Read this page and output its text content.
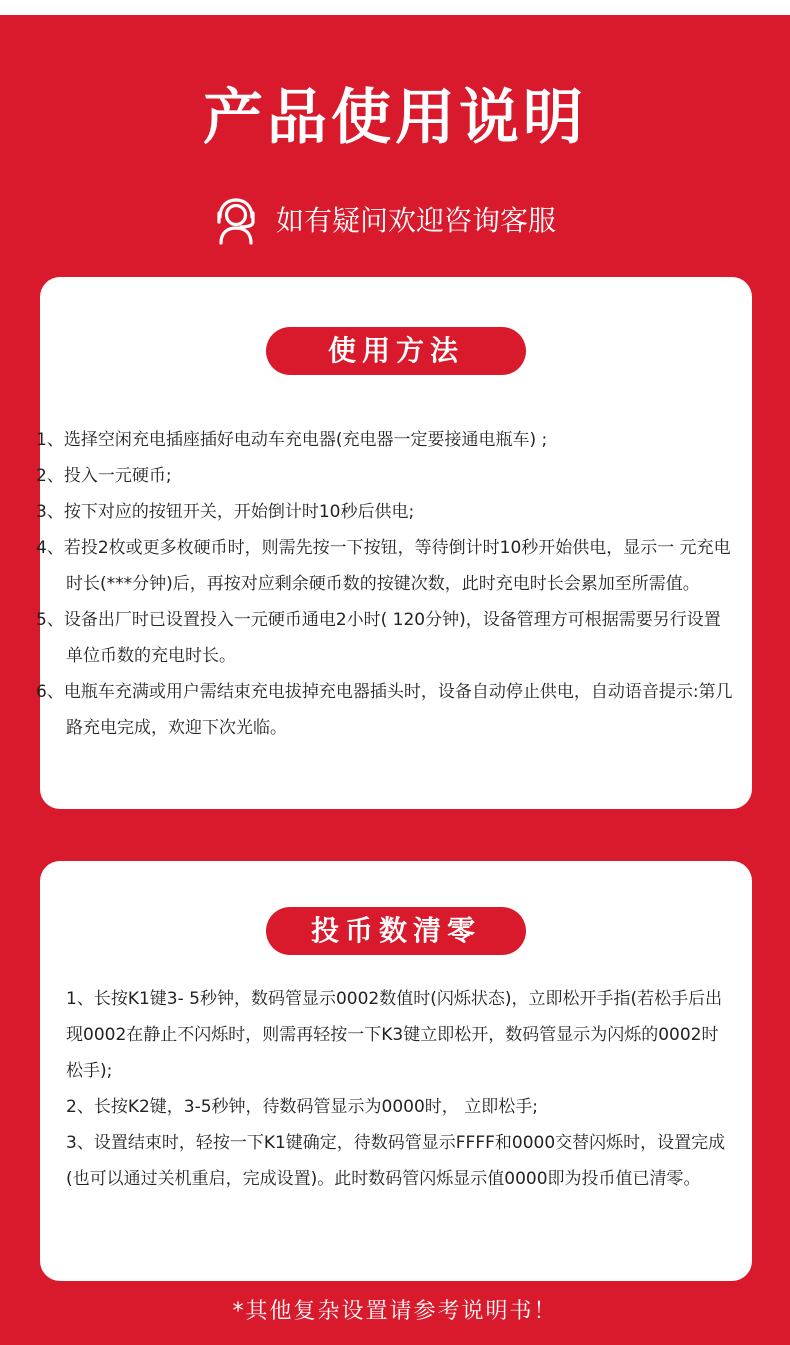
产品使用说明
如有疑问欢迎咨询客服
使用方法
1、选择空闲充电插座插好电动车充电器(充电器一定要接通电瓶车) ;
2、投入一元硬币;
3、按下对应的按钮开关，开始倒计时10秒后供电;
4、若投2枚或更多枚硬币时，则需先按一下按钮，等待倒计时10秒开始供电，显示一 元充电时长(***分钟)后，再按对应剩余硬币数的按键次数，此时充电时长会累加至所需值。
5、设备出厂时已设置投入一元硬币通电2小时( 120分钟)，设备管理方可根据需要另行设置单位币数的充电时长。
6、电瓶车充满或用户需结束充电拔掉充电器插头时，设备自动停止供电，自动语音提示:第几路充电完成，欢迎下次光临。
投币数清零
1、长按K1键3- 5秒钟，数码管显示0002数值时(闪烁状态)，立即松开手指(若松手后出现0002在静止不闪烁时，则需再轻按一下K3键立即松开，数码管显示为闪烁的0002时松手);
2、长按K2键，3-5秒钟，待数码管显示为0000时， 立即松手;
3、设置结束时，轻按一下K1键确定，待数码管显示FFFF和0000交替闪烁时，设置完成(也可以通过关机重启，完成设置)。此时数码管闪烁显示值0000即为投币值已清零。
*其他复杂设置请参考说明书！
